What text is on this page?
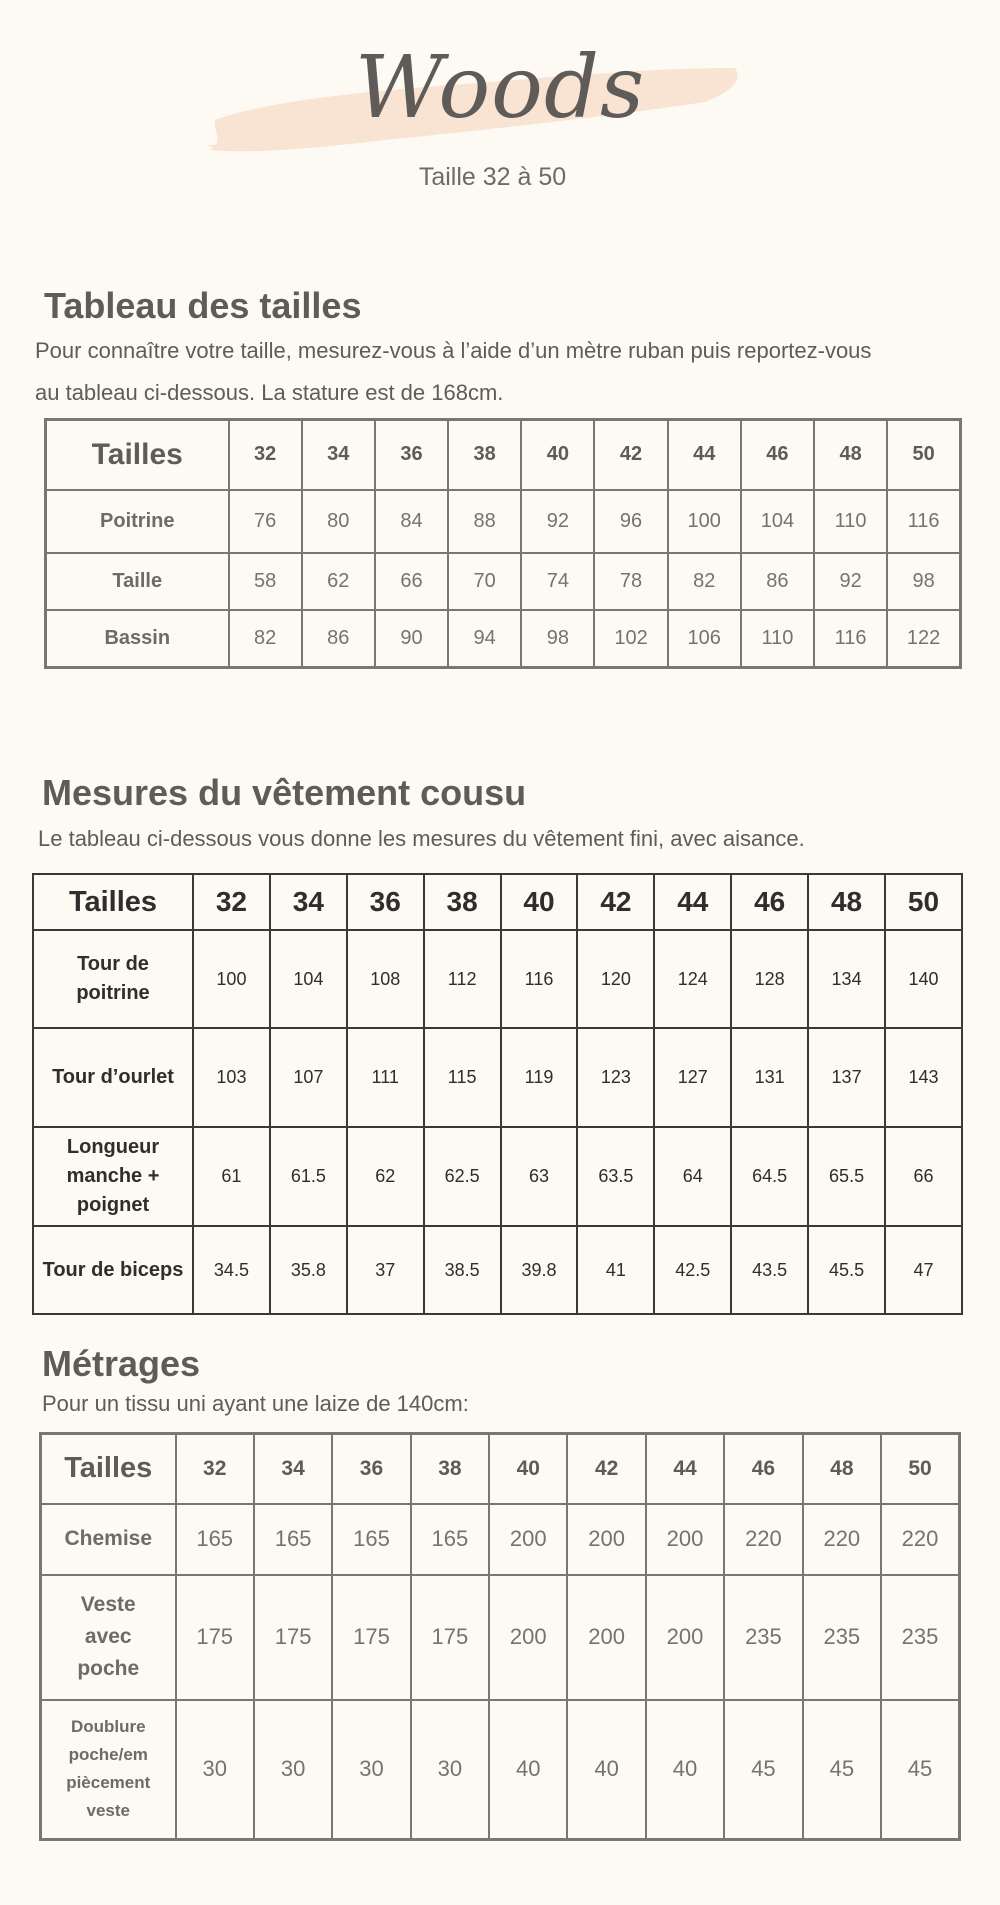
Woods
Taille 32 à 50
Tableau des tailles

Pour connaître votre taille, mesurez-vous à l’aide d’un mètre ruban puis reportez-vous

au tableau ci-dessous. La stature est de 168cm.

Tailles	32	34	36	38	40	42	44	46	48	50
Poitrine	76	80	84	88	92	96	100	104	110	116
Taille	58	62	66	70	74	78	82	86	92	98
Bassin	82	86	90	94	98	102	106	110	116	122
Mesures du vêtement cousu

Le tableau ci-dessous vous donne les mesures du vêtement fini, avec aisance.

Tailles	32	34	36	38	40	42	44	46	48	50

Tour de
poitrine	100	104	108	112	116	120	124	128	134	140

Tour d’ourlet	103	107	111	115	119	123	127	131	137	143

Longueur
manche +
poignet	61	61.5	62	62.5	63	63.5	64	64.5	65.5	66

Tour de biceps	34.5	35.8	37	38.5	39.8	41	42.5	43.5	45.5	47
Métrages

Pour un tissu uni ayant une laize de 140cm:

Tailles	32	34	36	38	40	42	44	46	48	50

Chemise	165	165	165	165	200	200	200	220	220	220

Veste
avec
poche	175	175	175	175	200	200	200	235	235	235

Doublure
poche/em
piècement
veste	30	30	30	30	40	40	40	45	45	45
